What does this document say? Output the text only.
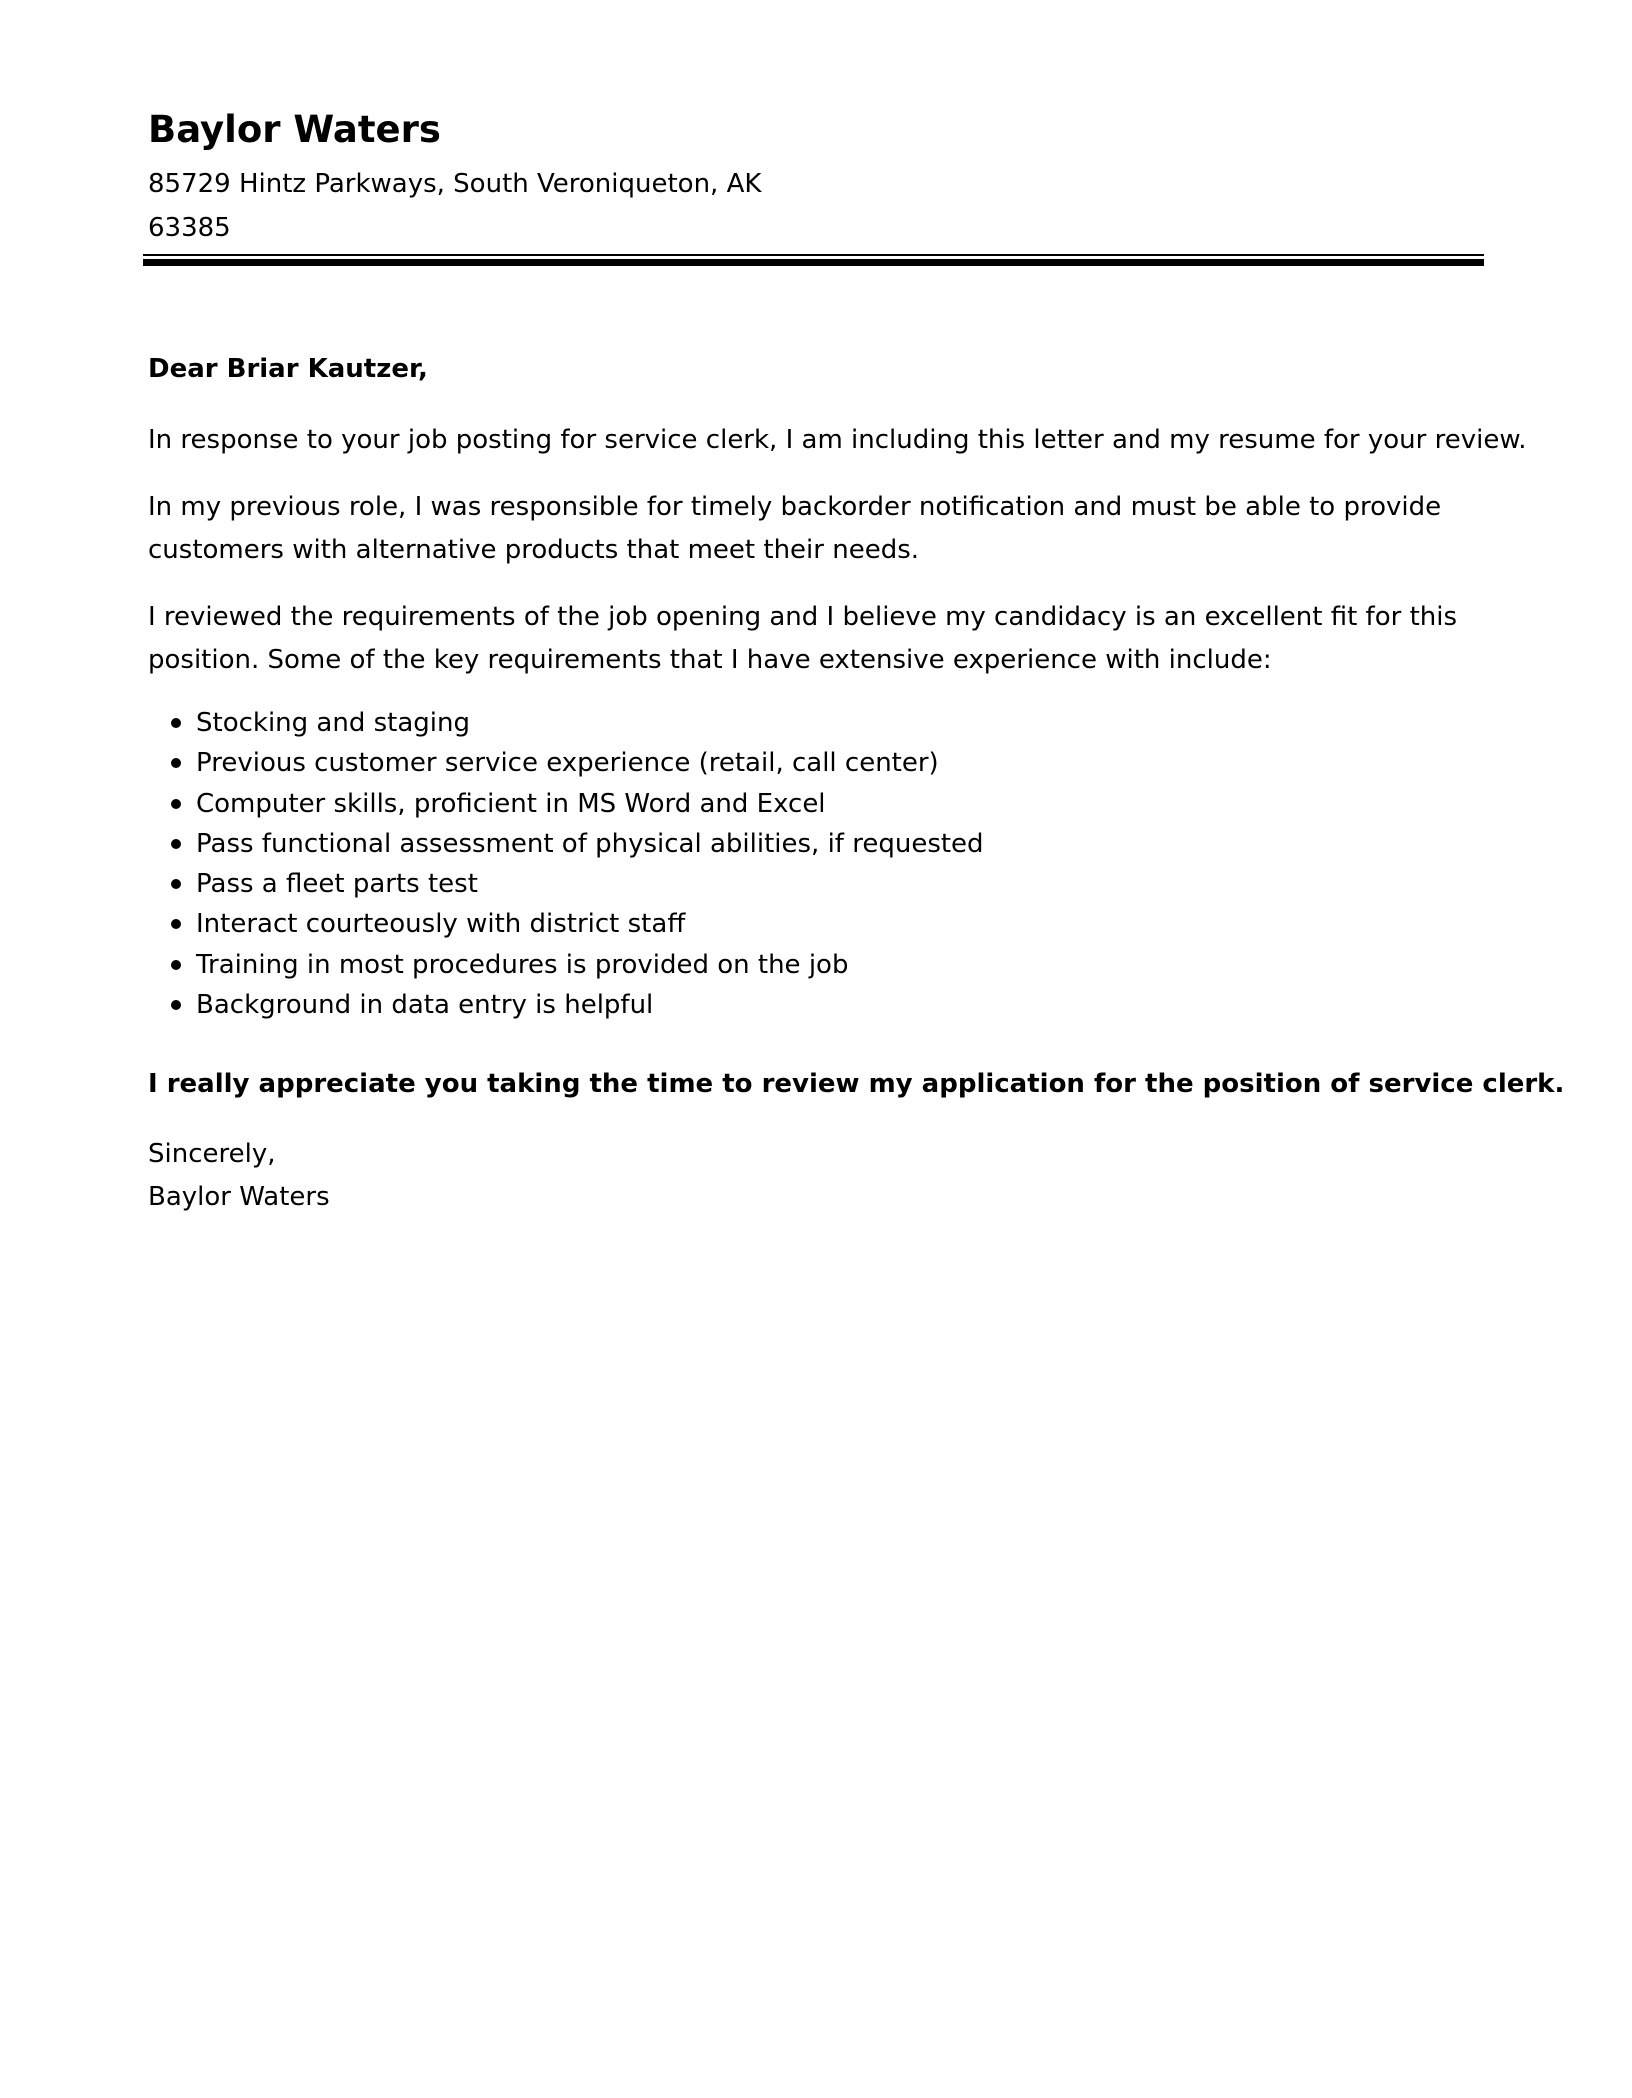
Baylor Waters
85729 Hintz Parkways, South Veroniqueton, AK
63385
Dear Briar Kautzer,
In response to your job posting for service clerk, I am including this letter and my resume for your review.
In my previous role, I was responsible for timely backorder notification and must be able to provide customers with alternative products that meet their needs.
I reviewed the requirements of the job opening and I believe my candidacy is an excellent fit for this position. Some of the key requirements that I have extensive experience with include:
Stocking and staging
Previous customer service experience (retail, call center)
Computer skills, proficient in MS Word and Excel
Pass functional assessment of physical abilities, if requested
Pass a fleet parts test
Interact courteously with district staff
Training in most procedures is provided on the job
Background in data entry is helpful
I really appreciate you taking the time to review my application for the position of service clerk.
Sincerely,
Baylor Waters
